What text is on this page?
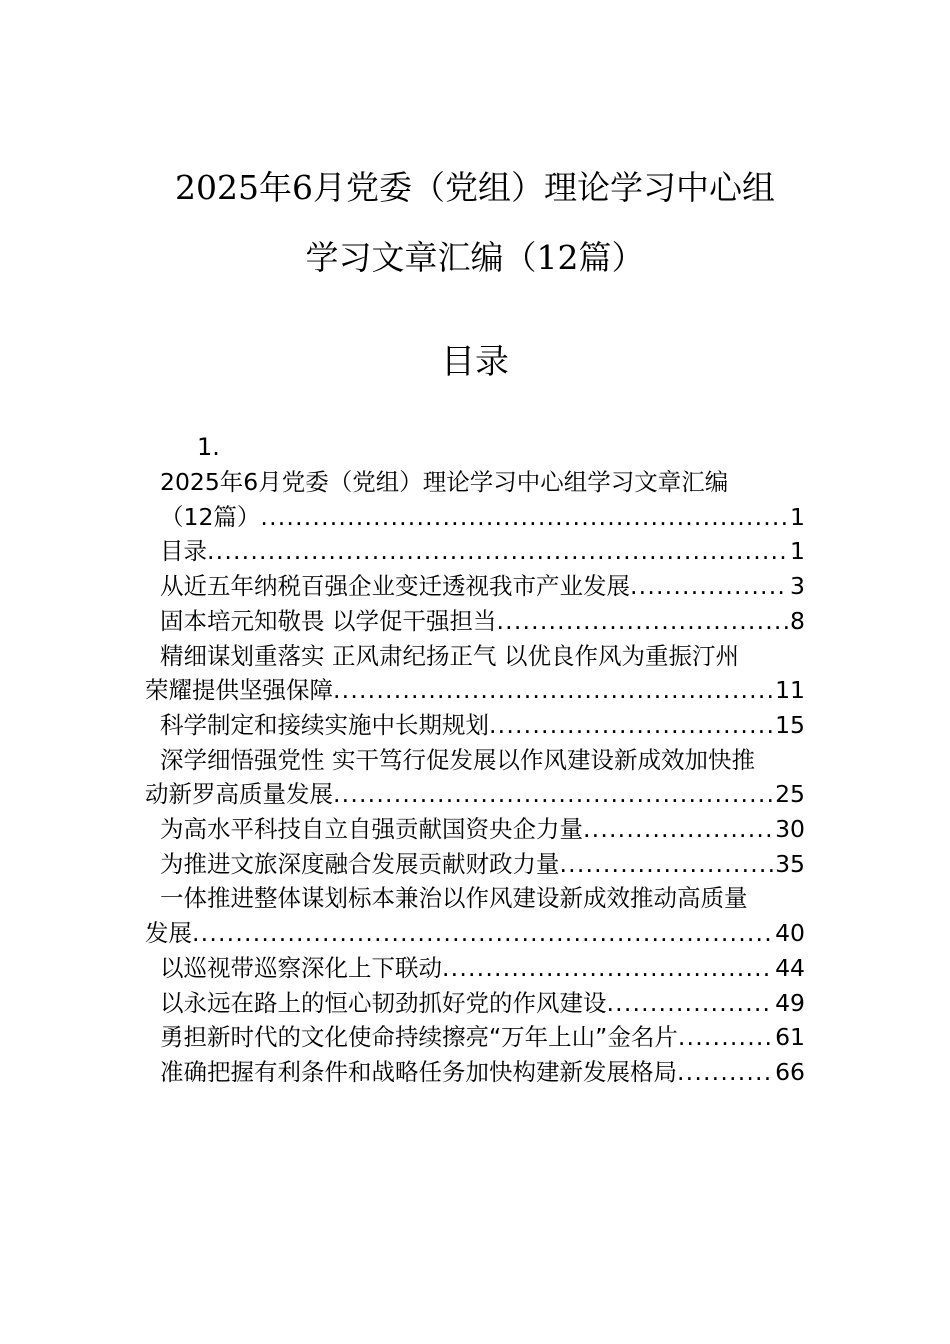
2025年6月党委（党组）理论学习中心组
学习文章汇编（12篇）
目录
1.
2025年6月党委（党组）理论学习中心组学习文章汇编
（12篇） .....	1
目录 .....	1
从近五年纳税百强企业变迁透视我市产业发展 .....	3
固本培元知敬畏 以学促干强担当 .....	8
精细谋划重落实 正风肃纪扬正气 以优良作风为重振汀州
荣耀提供坚强保障 .....	11
科学制定和接续实施中长期规划 .....	15
深学细悟强党性 实干笃行促发展以作风建设新成效加快推
动新罗高质量发展 .....	25
为高水平科技自立自强贡献国资央企力量 .....	30
为推进文旅深度融合发展贡献财政力量 .....	35
一体推进整体谋划标本兼治以作风建设新成效推动高质量
发展 .....	40
以巡视带巡察深化上下联动 .....	44
以永远在路上的恒心韧劲抓好党的作风建设 .....	49
勇担新时代的文化使命持续擦亮“万年上山”金名片 .....	61
准确把握有利条件和战略任务加快构建新发展格局 .....	66
